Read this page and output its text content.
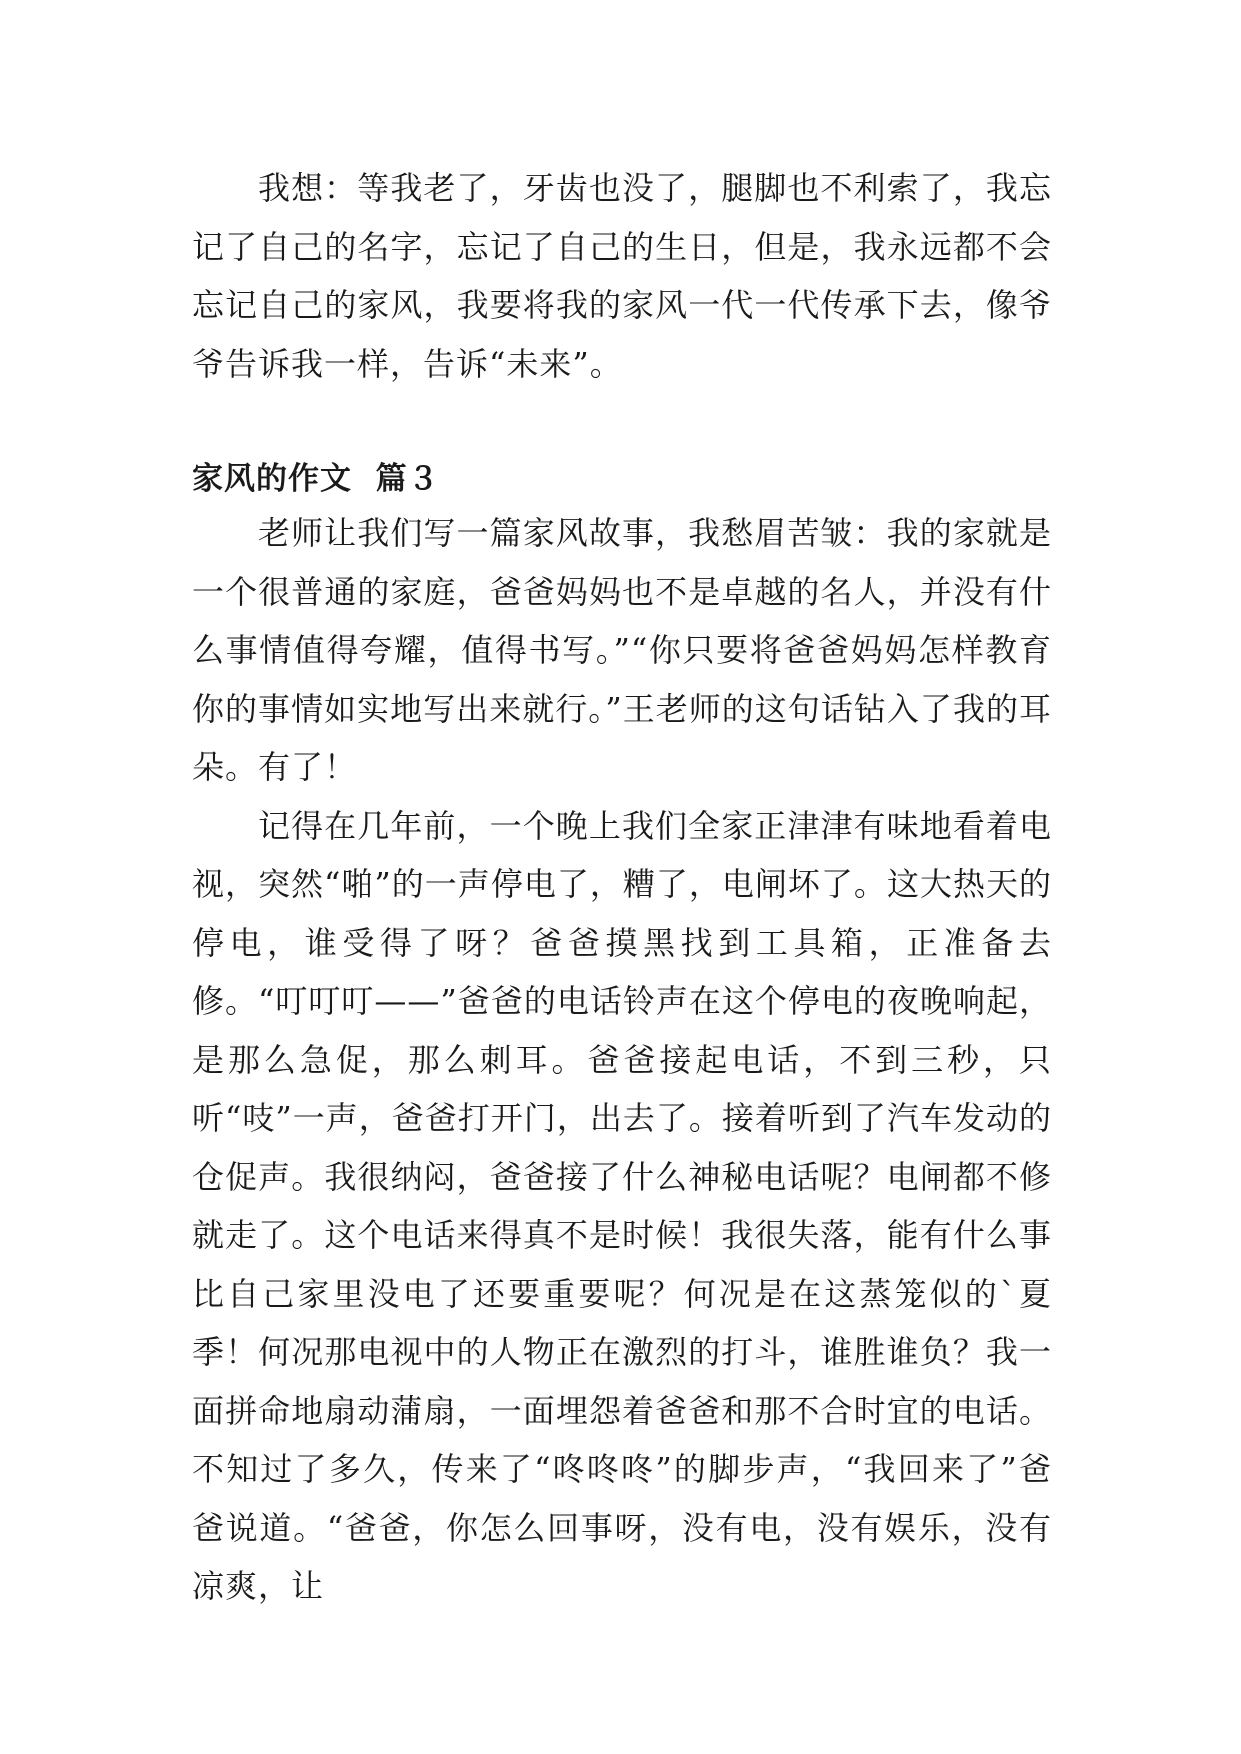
我想：等我老了，牙齿也没了，腿脚也不利索了，我忘记了自己的名字，忘记了自己的生日，但是，我永远都不会忘记自己的家风，我要将我的家风一代一代传承下去，像爷爷告诉我一样，告诉“未来”。

家风的作文  篇３

老师让我们写一篇家风故事，我愁眉苦皱：我的家就是一个很普通的家庭，爸爸妈妈也不是卓越的名人，并没有什么事情值得夸耀，值得书写。”“你只要将爸爸妈妈怎样教育你的事情如实地写出来就行。”王老师的这句话钻入了我的耳朵。有了！

记得在几年前，一个晚上我们全家正津津有味地看着电视，突然“啪”的一声停电了，糟了，电闸坏了。这大热天的停电，谁受得了呀？爸爸摸黑找到工具箱，正准备去修。“叮叮叮——”爸爸的电话铃声在这个停电的夜晚响起，是那么急促，那么刺耳。爸爸接起电话，不到三秒，只听“吱”一声，爸爸打开门，出去了。接着听到了汽车发动的仓促声。我很纳闷，爸爸接了什么神秘电话呢？电闸都不修就走了。这个电话来得真不是时候！我很失落，能有什么事比自己家里没电了还要重要呢？何况是在这蒸笼似的`夏季！何况那电视中的人物正在激烈的打斗，谁胜谁负？我一面拼命地扇动蒲扇，一面埋怨着爸爸和那不合时宜的电话。不知过了多久，传来了“咚咚咚”的脚步声，“我回来了”爸爸说道。“爸爸，你怎么回事呀，没有电，没有娱乐，没有凉爽，让
